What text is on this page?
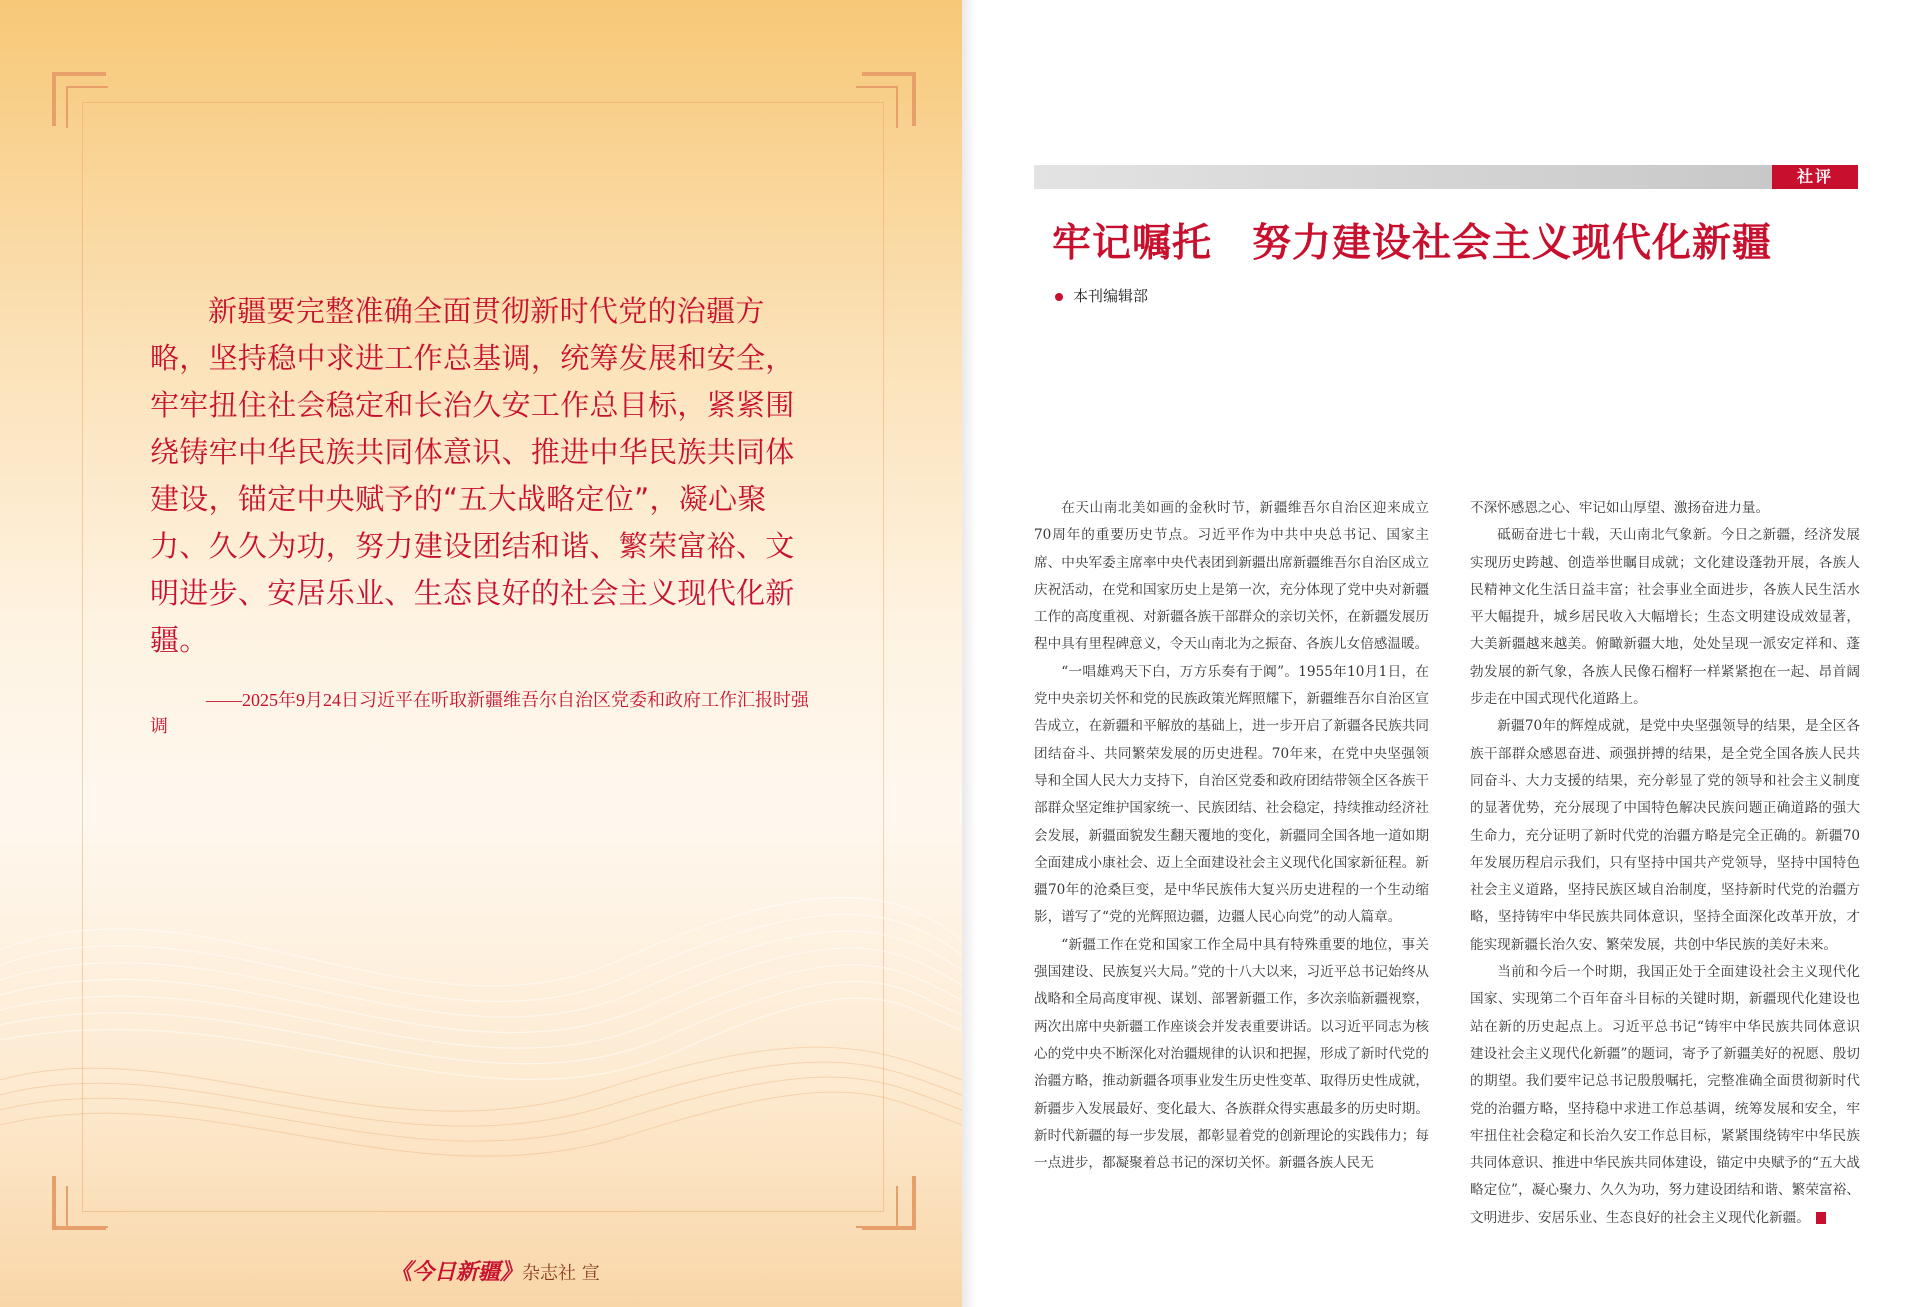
新疆要完整准确全面贯彻新时代党的治疆方略，坚持稳中求进工作总基调，统筹发展和安全，牢牢扭住社会稳定和长治久安工作总目标，紧紧围绕铸牢中华民族共同体意识、推进中华民族共同体建设，锚定中央赋予的“五大战略定位”，凝心聚力、久久为功，努力建设团结和谐、繁荣富裕、文明进步、安居乐业、生态良好的社会主义现代化新疆。

——2025年9月24日习近平在听取新疆维吾尔自治区党委和政府工作汇报时强调

《今日新疆》杂志社 宣
社评
牢记嘱托　努力建设社会主义现代化新疆
本刊编辑部

在天山南北美如画的金秋时节，新疆维吾尔自治区迎来成立70周年的重要历史节点。习近平作为中共中央总书记、国家主席、中央军委主席率中央代表团到新疆出席新疆维吾尔自治区成立庆祝活动，在党和国家历史上是第一次，充分体现了党中央对新疆工作的高度重视、对新疆各族干部群众的亲切关怀，在新疆发展历程中具有里程碑意义，令天山南北为之振奋、各族儿女倍感温暖。

“一唱雄鸡天下白，万方乐奏有于阗”。1955年10月1日，在党中央亲切关怀和党的民族政策光辉照耀下，新疆维吾尔自治区宣告成立，在新疆和平解放的基础上，进一步开启了新疆各民族共同团结奋斗、共同繁荣发展的历史进程。70年来，在党中央坚强领导和全国人民大力支持下，自治区党委和政府团结带领全区各族干部群众坚定维护国家统一、民族团结、社会稳定，持续推动经济社会发展，新疆面貌发生翻天覆地的变化，新疆同全国各地一道如期全面建成小康社会、迈上全面建设社会主义现代化国家新征程。新疆70年的沧桑巨变，是中华民族伟大复兴历史进程的一个生动缩影，谱写了“党的光辉照边疆，边疆人民心向党”的动人篇章。

“新疆工作在党和国家工作全局中具有特殊重要的地位，事关强国建设、民族复兴大局。”党的十八大以来，习近平总书记始终从战略和全局高度审视、谋划、部署新疆工作，多次亲临新疆视察，两次出席中央新疆工作座谈会并发表重要讲话。以习近平同志为核心的党中央不断深化对治疆规律的认识和把握，形成了新时代党的治疆方略，推动新疆各项事业发生历史性变革、取得历史性成就，新疆步入发展最好、变化最大、各族群众得实惠最多的历史时期。新时代新疆的每一步发展，都彰显着党的创新理论的实践伟力；每一点进步，都凝聚着总书记的深切关怀。新疆各族人民无

不深怀感恩之心、牢记如山厚望、激扬奋进力量。

砥砺奋进七十载，天山南北气象新。今日之新疆，经济发展实现历史跨越、创造举世瞩目成就；文化建设蓬勃开展，各族人民精神文化生活日益丰富；社会事业全面进步，各族人民生活水平大幅提升，城乡居民收入大幅增长；生态文明建设成效显著，大美新疆越来越美。俯瞰新疆大地，处处呈现一派安定祥和、蓬勃发展的新气象，各族人民像石榴籽一样紧紧抱在一起、昂首阔步走在中国式现代化道路上。

新疆70年的辉煌成就，是党中央坚强领导的结果，是全区各族干部群众感恩奋进、顽强拼搏的结果，是全党全国各族人民共同奋斗、大力支援的结果，充分彰显了党的领导和社会主义制度的显著优势，充分展现了中国特色解决民族问题正确道路的强大生命力，充分证明了新时代党的治疆方略是完全正确的。新疆70年发展历程启示我们，只有坚持中国共产党领导，坚持中国特色社会主义道路，坚持民族区域自治制度，坚持新时代党的治疆方略，坚持铸牢中华民族共同体意识，坚持全面深化改革开放，才能实现新疆长治久安、繁荣发展，共创中华民族的美好未来。

当前和今后一个时期，我国正处于全面建设社会主义现代化国家、实现第二个百年奋斗目标的关键时期，新疆现代化建设也站在新的历史起点上。习近平总书记“铸牢中华民族共同体意识 建设社会主义现代化新疆”的题词，寄予了新疆美好的祝愿、殷切的期望。我们要牢记总书记殷殷嘱托，完整准确全面贯彻新时代党的治疆方略，坚持稳中求进工作总基调，统筹发展和安全，牢牢扭住社会稳定和长治久安工作总目标，紧紧围绕铸牢中华民族共同体意识、推进中华民族共同体建设，锚定中央赋予的“五大战略定位”，凝心聚力、久久为功，努力建设团结和谐、繁荣富裕、文明进步、安居乐业、生态良好的社会主义现代化新疆。
